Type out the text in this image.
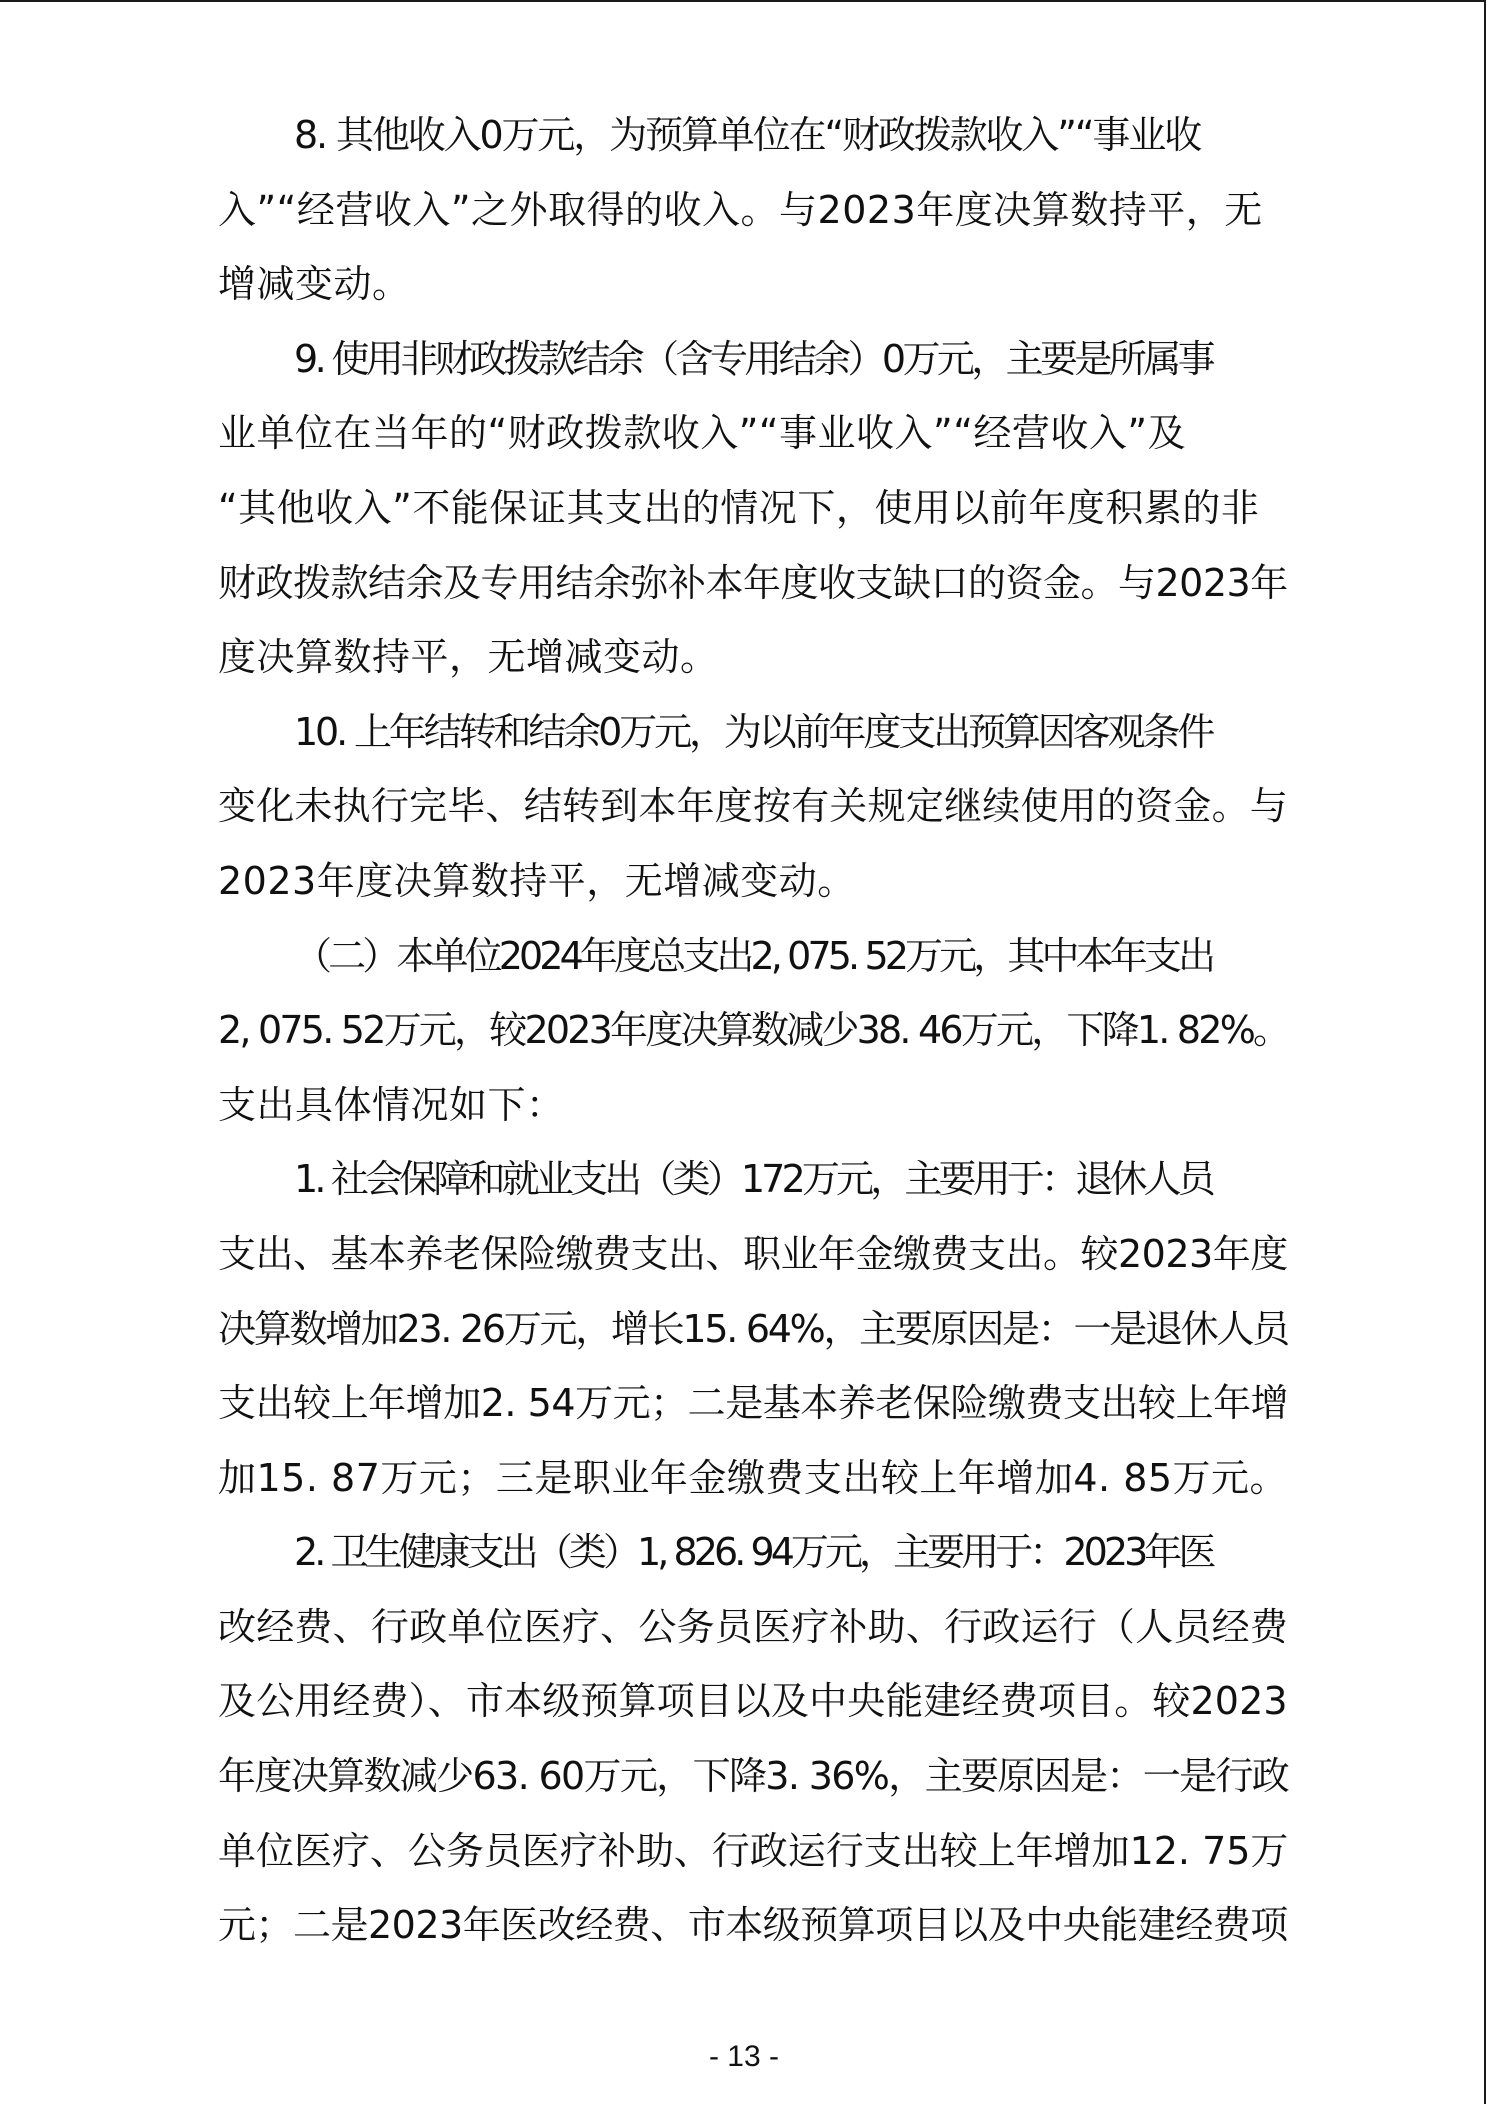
8. 其他收入0万元，为预算单位在“财政拨款收入”“事业收
入”“经营收入”之外取得的收入。与2023年度决算数持平，无
增减变动。
9. 使用非财政拨款结余（含专用结余）0万元，主要是所属事
业单位在当年的“财政拨款收入”“事业收入”“经营收入”及
“其他收入”不能保证其支出的情况下，使用以前年度积累的非
财政拨款结余及专用结余弥补本年度收支缺口的资金。与2023年
度决算数持平，无增减变动。
10. 上年结转和结余0万元，为以前年度支出预算因客观条件
变化未执行完毕、结转到本年度按有关规定继续使用的资金。与
2023年度决算数持平，无增减变动。
（二）本单位2024年度总支出2, 075. 52万元，其中本年支出
2, 075. 52万元，较2023年度决算数减少38. 46万元，下降1. 82%。
支出具体情况如下：
1. 社会保障和就业支出（类）172万元，主要用于：退休人员
支出、基本养老保险缴费支出、职业年金缴费支出。较2023年度
决算数增加23. 26万元，增长15. 64%，主要原因是：一是退休人员
支出较上年增加2. 54万元；二是基本养老保险缴费支出较上年增
加15. 87万元；三是职业年金缴费支出较上年增加4. 85万元。
2. 卫生健康支出（类）1, 826. 94万元，主要用于：2023年医
改经费、行政单位医疗、公务员医疗补助、行政运行（人员经费
及公用经费）、市本级预算项目以及中央能建经费项目。较2023
年度决算数减少63. 60万元，下降3. 36%，主要原因是：一是行政
单位医疗、公务员医疗补助、行政运行支出较上年增加12. 75万
元；二是2023年医改经费、市本级预算项目以及中央能建经费项
- 13 -
